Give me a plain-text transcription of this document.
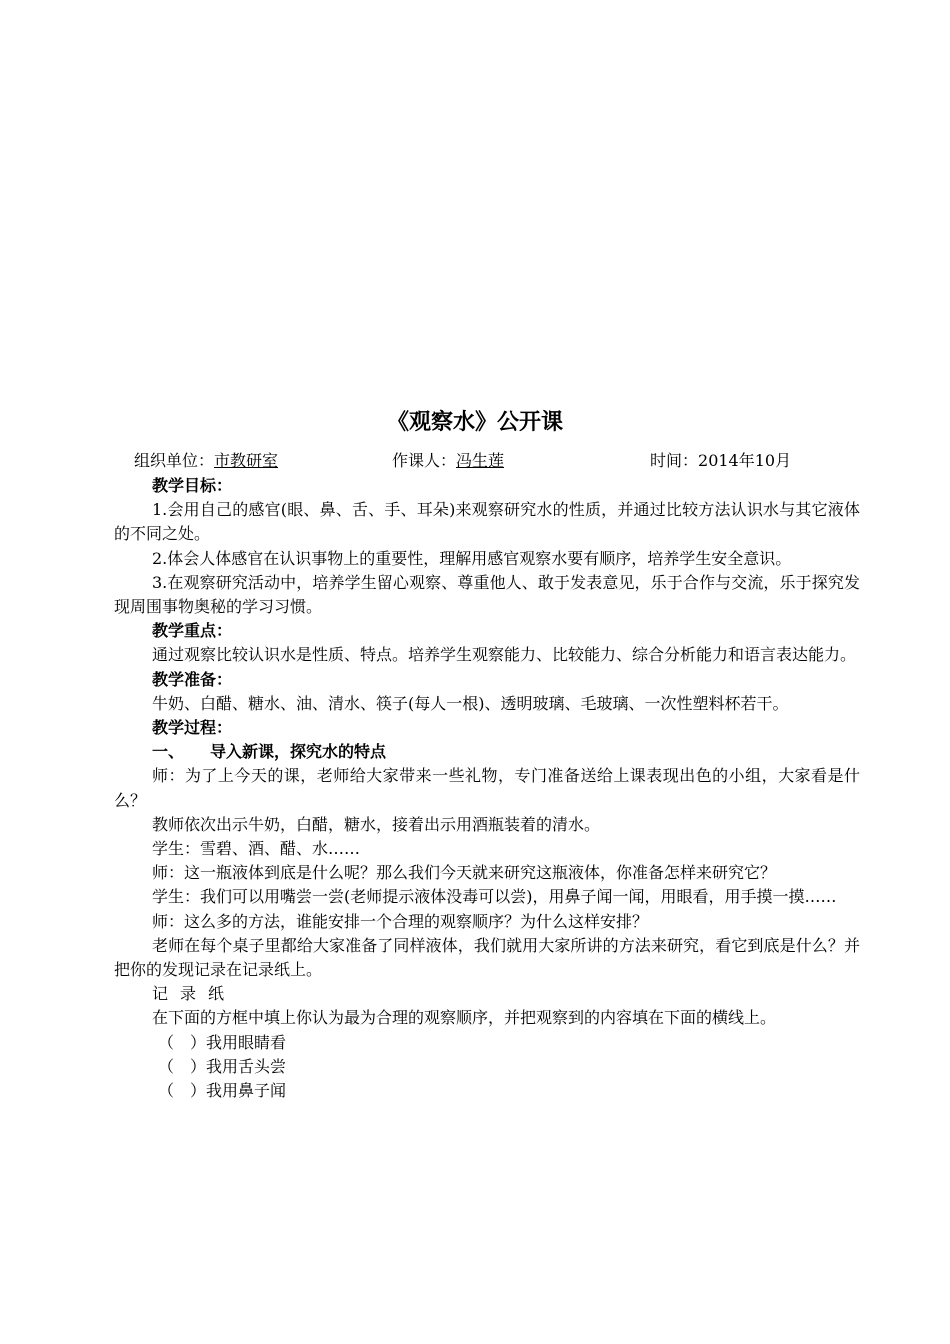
《观察水》公开课
组织单位：市教研室	作课人：冯生莲	时间：2014年10月

教学目标：

1.会用自己的感官(眼、鼻、舌、手、耳朵)来观察研究水的性质，并通过比较方法认识水与其它液体的不同之处。

2.体会人体感官在认识事物上的重要性，理解用感官观察水要有顺序，培养学生安全意识。

3.在观察研究活动中，培养学生留心观察、尊重他人、敢于发表意见，乐于合作与交流，乐于探究发现周围事物奥秘的学习习惯。

教学重点：

通过观察比较认识水是性质、特点。培养学生观察能力、比较能力、综合分析能力和语言表达能力。

教学准备：

牛奶、白醋、糖水、油、清水、筷子(每人一根)、透明玻璃、毛玻璃、一次性塑料杯若干。

教学过程：

一、 导入新课，探究水的特点

师：为了上今天的课，老师给大家带来一些礼物，专门准备送给上课表现出色的小组，大家看是什么？

教师依次出示牛奶，白醋，糖水，接着出示用酒瓶装着的清水。

学生：雪碧、酒、醋、水……

师：这一瓶液体到底是什么呢？那么我们今天就来研究这瓶液体，你准备怎样来研究它？

学生：我们可以用嘴尝一尝(老师提示液体没毒可以尝)，用鼻子闻一闻，用眼看，用手摸一摸……

师：这么多的方法，谁能安排一个合理的观察顺序？为什么这样安排？

老师在每个桌子里都给大家准备了同样液体，我们就用大家所讲的方法来研究，看它到底是什么？并把你的发现记录在记录纸上。

记录纸

在下面的方框中填上你认为最为合理的观察顺序，并把观察到的内容填在下面的横线上。

（　）我用眼睛看

（　）我用舌头尝

（　）我用鼻子闻
